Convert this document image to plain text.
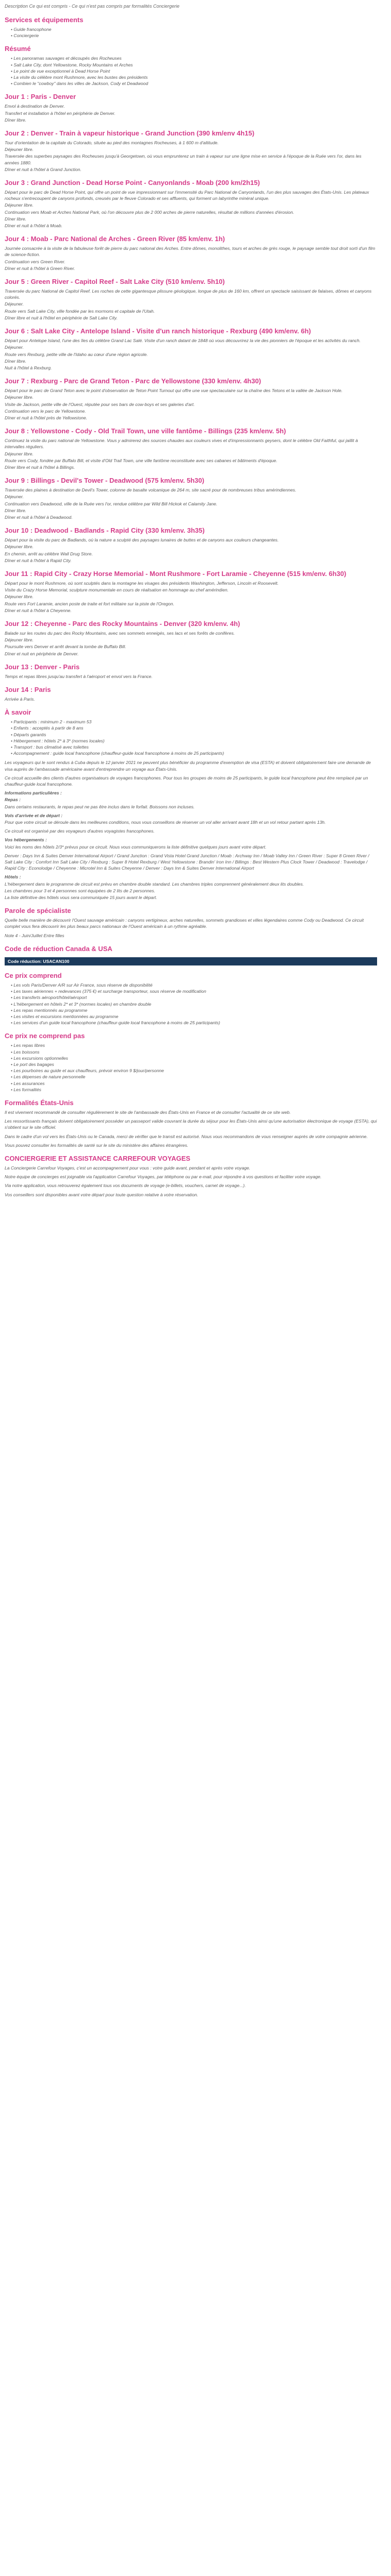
Description Ce qui est compris - Ce qui n'est pas compris par formalités Conciergerie
Services et équipements
• Guide francophone
• Conciergerie
Résumé
• Les panoramas sauvages et découpés des Rocheuses
• Salt Lake City, dont Yellowstone, Rocky Mountains et Arches
• Le point de vue exceptionnel à Dead Horse Point
• La visite du célèbre mont Rushmore, avec les bustes des présidents
• Combien le "cowboy" dans les villes de Jackson, Cody et Deadwood
Jour 1 : Paris - Denver
Envol à destination de Denver.
Transfert et installation à l'hôtel en périphérie de Denver.
Dîner libre.
Jour 2 : Denver - Train à vapeur historique - Grand Junction (390 km/env 4h15)
Tour d'orientation de la capitale du Colorado, située au pied des montagnes Rocheuses, à 1 600 m d'altitude.
Déjeuner libre.
Traversée des superbes paysages des Rocheuses jusqu'à Georgetown, où vous emprunterez un train à vapeur sur une ligne mise en service à l'époque de la Ruée vers l'or, dans les années 1880.
Dîner et nuit à l'hôtel à Grand Junction.
Jour 3 : Grand Junction - Dead Horse Point - Canyonlands - Moab (200 km/2h15)
Départ pour le parc de Dead Horse Point, qui offre un point de vue impressionnant sur l'immensité du Parc National de Canyonlands, l'un des plus sauvages des États-Unis. Les plateaux rocheux s'entrecoupent de canyons profonds, creusés par le fleuve Colorado et ses affluents, qui forment un labyrinthe minéral unique.
Déjeuner libre.
Continuation vers Moab et Arches National Park, où l'on découvre plus de 2 000 arches de pierre naturelles, résultat de millions d'années d'érosion.
Dîner libre.
Dîner et nuit à l'hôtel à Moab.
Jour 4 : Moab - Parc National de Arches - Green River (85 km/env. 1h)
Journée consacrée à la visite de la fabuleuse forêt de pierre du parc national des Arches. Entre dômes, monolithes, tours et arches de grès rouge, le paysage semble tout droit sorti d'un film de science-fiction.
Continuation vers Green River.
Dîner et nuit à l'hôtel à Green River.
Jour 5 : Green River - Capitol Reef - Salt Lake City (510 km/env. 5h10)
Traversée du parc National de Capitol Reef. Les roches de cette gigantesque plissure géologique, longue de plus de 160 km, offrent un spectacle saisissant de falaises, dômes et canyons colorés.
Déjeuner.
Route vers Salt Lake City, ville fondée par les mormons et capitale de l'Utah.
Dîner libre et nuit à l'hôtel en périphérie de Salt Lake City.
Jour 6 : Salt Lake City - Antelope Island - Visite d'un ranch historique - Rexburg (490 km/env. 6h)
Départ pour Antelope Island, l'une des îles du célèbre Grand Lac Salé. Visite d'un ranch datant de 1848 où vous découvrirez la vie des pionniers de l'époque et les activités du ranch.
Déjeuner.
Route vers Rexburg, petite ville de l'Idaho au cœur d'une région agricole.
Dîner libre.
Nuit à l'hôtel à Rexburg.
Jour 7 : Rexburg - Parc de Grand Teton - Parc de Yellowstone (330 km/env. 4h30)
Départ pour le parc de Grand Teton avec le point d'observation de Teton Point Turnout qui offre une vue spectaculaire sur la chaîne des Tetons et la vallée de Jackson Hole.
Déjeuner libre.
Visite de Jackson, petite ville de l'Ouest, réputée pour ses bars de cow-boys et ses galeries d'art.
Continuation vers le parc de Yellowstone.
Dîner et nuit à l'hôtel près de Yellowstone.
Jour 8 : Yellowstone - Cody - Old Trail Town, une ville fantôme - Billings (235 km/env. 5h)
Continuez la visite du parc national de Yellowstone. Vous y admirerez des sources chaudes aux couleurs vives et d'impressionnants geysers, dont le célèbre Old Faithful, qui jaillit à intervalles réguliers.
Déjeuner libre.
Route vers Cody, fondée par Buffalo Bill, et visite d'Old Trail Town, une ville fantôme reconstituée avec ses cabanes et bâtiments d'époque.
Dîner libre et nuit à l'hôtel à Billings.
Jour 9 : Billings - Devil's Tower - Deadwood (575 km/env. 5h30)
Traversée des plaines à destination de Devil's Tower, colonne de basalte volcanique de 264 m, site sacré pour de nombreuses tribus amérindiennes.
Déjeuner.
Continuation vers Deadwood, ville de la Ruée vers l'or, rendue célèbre par Wild Bill Hickok et Calamity Jane.
Dîner libre.
Dîner et nuit à l'hôtel à Deadwood.
Jour 10 : Deadwood - Badlands - Rapid City (330 km/env. 3h35)
Départ pour la visite du parc de Badlands, où la nature a sculpté des paysages lunaires de buttes et de canyons aux couleurs changeantes.
Déjeuner libre.
En chemin, arrêt au célèbre Wall Drug Store.
Dîner et nuit à l'hôtel à Rapid City.
Jour 11 : Rapid City - Crazy Horse Memorial - Mont Rushmore - Fort Laramie - Cheyenne (515 km/env. 6h30)
Départ pour le mont Rushmore, où sont sculptés dans la montagne les visages des présidents Washington, Jefferson, Lincoln et Roosevelt.
Visite du Crazy Horse Memorial, sculpture monumentale en cours de réalisation en hommage au chef amérindien.
Déjeuner libre.
Route vers Fort Laramie, ancien poste de traite et fort militaire sur la piste de l'Oregon.
Dîner et nuit à l'hôtel à Cheyenne.
Jour 12 : Cheyenne - Parc des Rocky Mountains - Denver (320 km/env. 4h)
Balade sur les routes du parc des Rocky Mountains, avec ses sommets enneigés, ses lacs et ses forêts de conifères.
Déjeuner libre.
Poursuite vers Denver et arrêt devant la tombe de Buffalo Bill.
Dîner et nuit en périphérie de Denver.
Jour 13 : Denver - Paris
Temps et repas libres jusqu'au transfert à l'aéroport et envol vers la France.
Jour 14 : Paris
Arrivée à Paris.
À savoir
• Participants : minimum 2 - maximum 53
• Enfants : acceptés à partir de 8 ans
• Départs garantis
• Hébergement : hôtels 2* à 3* (normes locales)
• Transport : bus climatisé avec toilettes
• Accompagnement : guide local francophone (chauffeur-guide local francophone à moins de 25 participants)
Les voyageurs qui le sont rendus à Cuba depuis le 12 janvier 2021 ne peuvent plus bénéficier du programme d'exemption de visa (ESTA) et doivent obligatoirement faire une demande de visa auprès de l'ambassade américaine avant d'entreprendre un voyage aux États-Unis.
Ce circuit accueille des clients d'autres organisateurs de voyages francophones. Pour tous les groupes de moins de 25 participants, le guide local francophone peut être remplacé par un chauffeur-guide local francophone.
Informations particulières :
Repas :
Dans certains restaurants, le repas peut ne pas être inclus dans le forfait. Boissons non incluses.
Vols d'arrivée et de départ :
Pour que votre circuit se déroule dans les meilleures conditions, nous vous conseillons de réserver un vol aller arrivant avant 18h et un vol retour partant après 13h.
Ce circuit est organisé par des voyageurs d'autres voyagistes francophones.
Vos hébergements :
Voici les noms des hôtels 2/3* prévus pour ce circuit. Nous vous communiquerons la liste définitive quelques jours avant votre départ.
Denver : Days Inn & Suites Denver International Airport / Grand Junction : Grand Vista Hotel Grand Junction / Moab : Archway Inn / Moab Valley Inn / Green River : Super 8 Green River / Salt Lake City : Comfort Inn Salt Lake City / Rexburg : Super 8 Hotel Rexburg / West Yellowstone : Brandin' Iron Inn / Billings : Best Western Plus Clock Tower / Deadwood : Travelodge / Rapid City : Econolodge / Cheyenne : Microtel Inn & Suites Cheyenne / Denver : Days Inn & Suites Denver International Airport
Hôtels :
L'hébergement dans le programme de circuit est prévu en chambre double standard. Les chambres triples comprennent généralement deux lits doubles.
Les chambres pour 3 et 4 personnes sont équipées de 2 lits de 2 personnes.
La liste définitive des hôtels vous sera communiquée 15 jours avant le départ.
Parole de spécialiste
Quelle belle manière de découvrir l'Ouest sauvage américain : canyons vertigineux, arches naturelles, sommets grandioses et villes légendaires comme Cody ou Deadwood. Ce circuit complet vous fera découvrir les plus beaux parcs nationaux de l'Ouest américain à un rythme agréable.
Note 4 - Juin/Juillet Entre filles
Code de réduction Canada & USA
Code réduction: USACAN100
Ce prix comprend
• Les vols Paris/Denver A/R sur Air France, sous réserve de disponibilité
• Les taxes aériennes + redevances (375 €) et surcharge transporteur, sous réserve de modification
• Les transferts aéroport/hôtel/aéroport
• L'hébergement en hôtels 2* et 3* (normes locales) en chambre double
• Les repas mentionnés au programme
• Les visites et excursions mentionnées au programme
• Les services d'un guide local francophone (chauffeur-guide local francophone à moins de 25 participants)
Ce prix ne comprend pas
• Les repas libres
• Les boissons
• Les excursions optionnelles
• Le port des bagages
• Les pourboires au guide et aux chauffeurs, prévoir environ 9 $/jour/personne
• Les dépenses de nature personnelle
• Les assurances
• Les formalités
Formalités États-Unis
Il est vivement recommandé de consulter régulièrement le site de l'ambassade des États-Unis en France et de consulter l'actualité de ce site web.
Les ressortissants français doivent obligatoirement posséder un passeport valide couvrant la durée du séjour pour les États-Unis ainsi qu'une autorisation électronique de voyage (ESTA), qui s'obtient sur le site officiel.
Dans le cadre d'un vol vers les États-Unis ou le Canada, merci de vérifier que le transit est autorisé. Nous vous recommandons de vous renseigner auprès de votre compagnie aérienne.
Vous pouvez consulter les formalités de santé sur le site du ministère des affaires étrangères.
CONCIERGERIE ET ASSISTANCE CARREFOUR VOYAGES
La Conciergerie Carrefour Voyages, c'est un accompagnement pour vous : votre guide avant, pendant et après votre voyage.
Notre équipe de concierges est joignable via l'application Carrefour Voyages, par téléphone ou par e-mail, pour répondre à vos questions et faciliter votre voyage.
Via notre application, vous retrouverez également tous vos documents de voyage (e-billets, vouchers, carnet de voyage...).
Vos conseillers sont disponibles avant votre départ pour toute question relative à votre réservation.
